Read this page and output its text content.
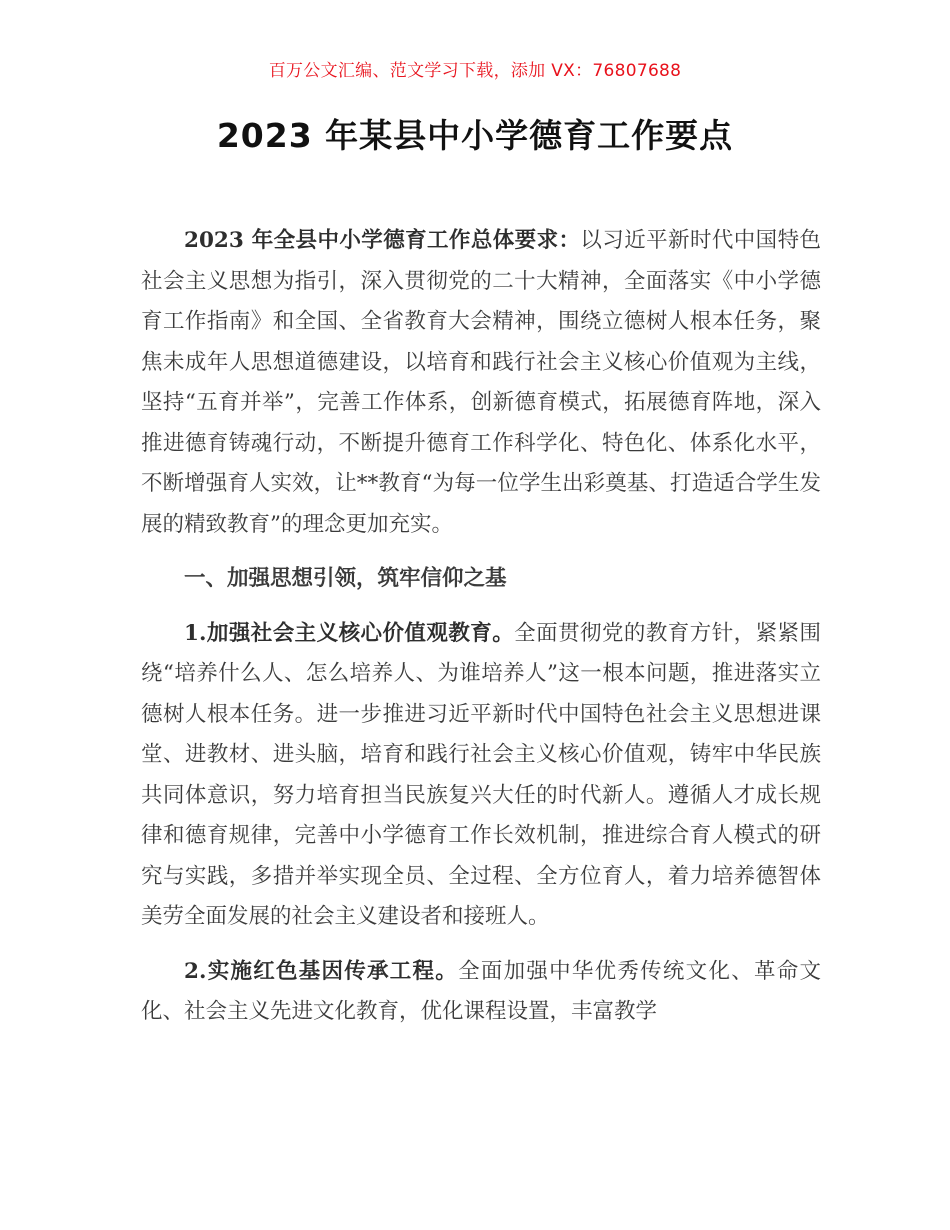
百万公文汇编、范文学习下载，添加 VX：76807688
2023 年某县中小学德育工作要点

2023 年全县中小学德育工作总体要求：以习近平新时代中国特色社会主义思想为指引，深入贯彻党的二十大精神，全面落实《中小学德育工作指南》和全国、全省教育大会精神，围绕立德树人根本任务，聚焦未成年人思想道德建设，以培育和践行社会主义核心价值观为主线，坚持“五育并举”，完善工作体系，创新德育模式，拓展德育阵地，深入推进德育铸魂行动，不断提升德育工作科学化、特色化、体系化水平，不断增强育人实效，让**教育“为每一位学生出彩奠基、打造适合学生发展的精致教育”的理念更加充实。

一、加强思想引领，筑牢信仰之基

1.加强社会主义核心价值观教育。全面贯彻党的教育方针，紧紧围绕“培养什么人、怎么培养人、为谁培养人”这一根本问题，推进落实立德树人根本任务。进一步推进习近平新时代中国特色社会主义思想进课堂、进教材、进头脑，培育和践行社会主义核心价值观，铸牢中华民族共同体意识，努力培育担当民族复兴大任的时代新人。遵循人才成长规律和德育规律，完善中小学德育工作长效机制，推进综合育人模式的研究与实践，多措并举实现全员、全过程、全方位育人，着力培养德智体美劳全面发展的社会主义建设者和接班人。

2.实施红色基因传承工程。全面加强中华优秀传统文化、革命文化、社会主义先进文化教育，优化课程设置，丰富教学
